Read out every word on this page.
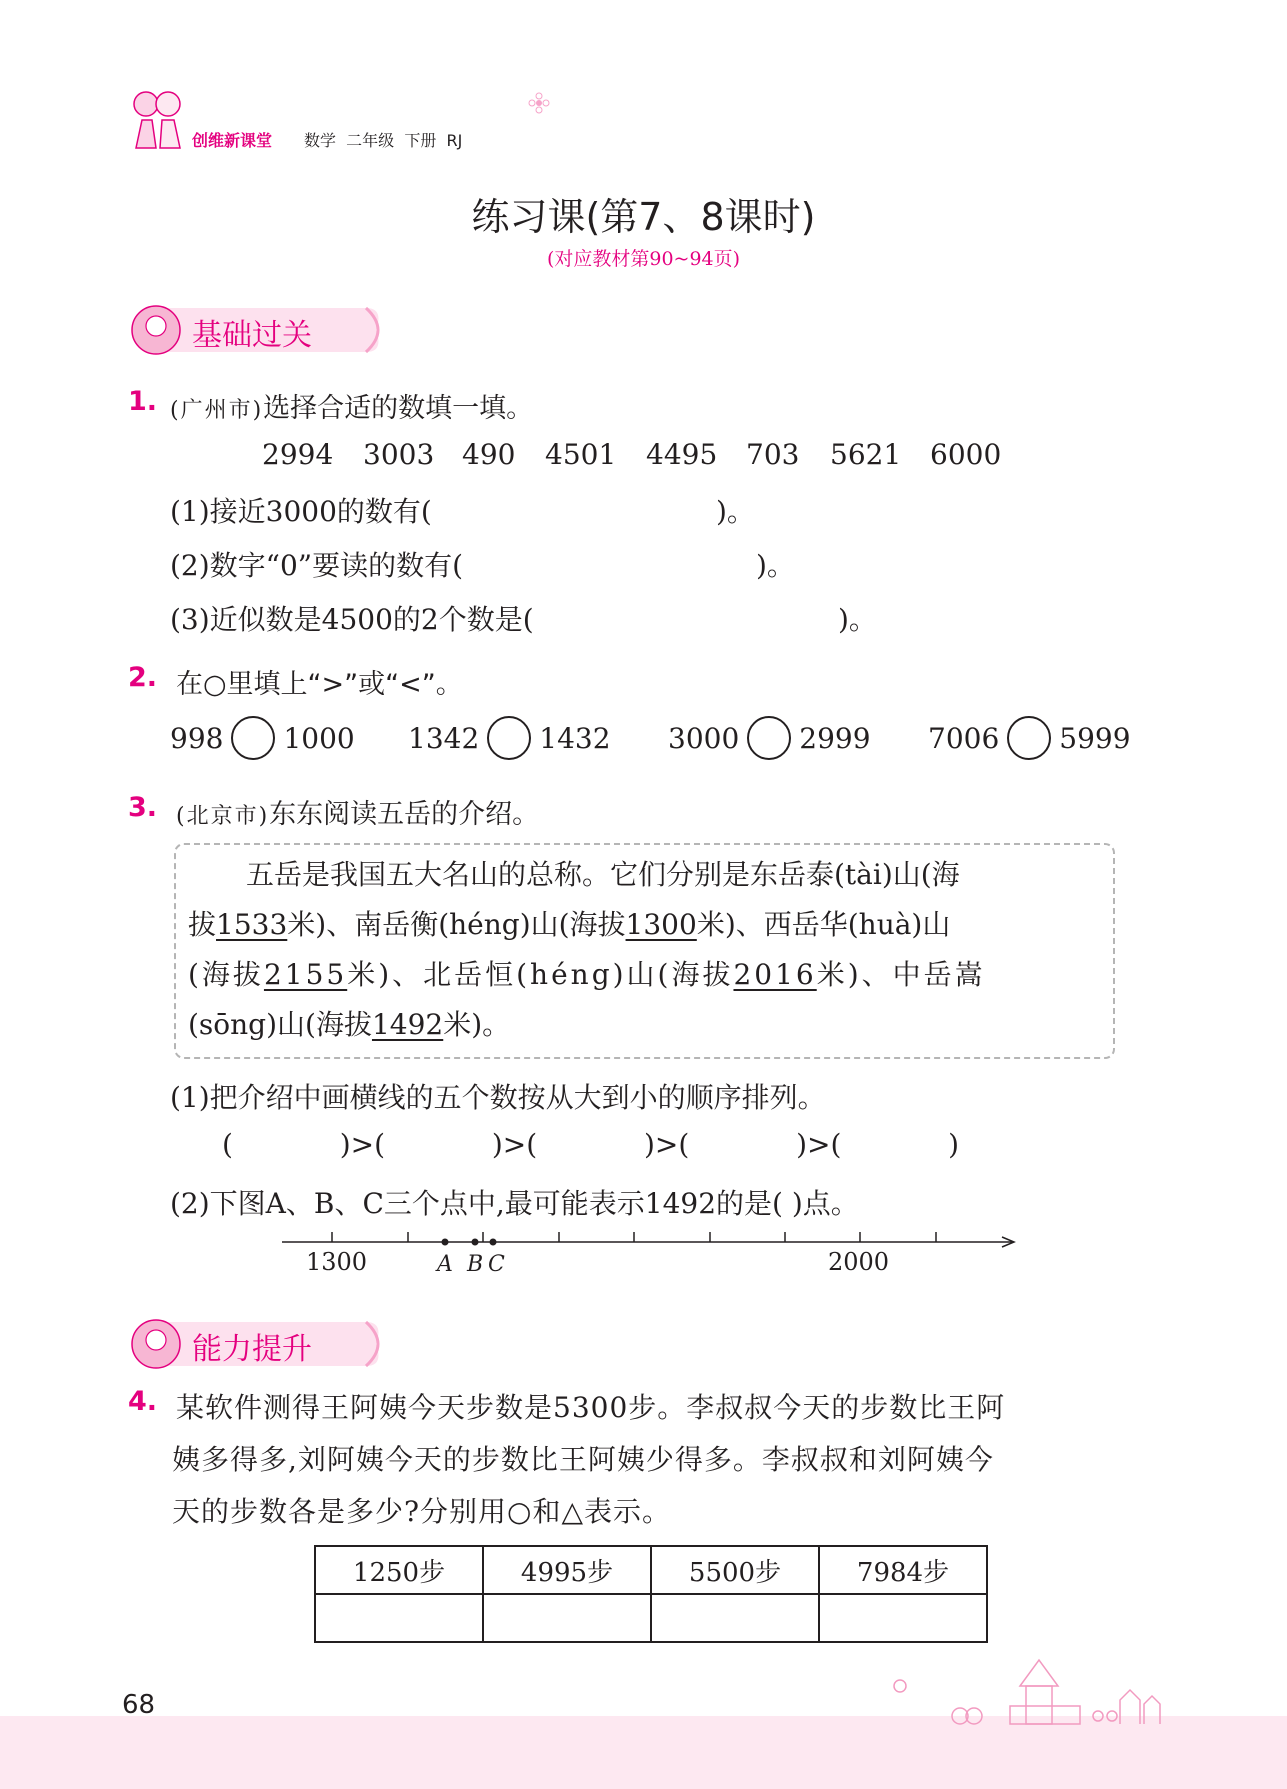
创维新课堂 数学  二年级  下册  RJ
练习课(第7、8课时)
(对应教材第90~94页)
基础过关
1. (广州市)选择合适的数填一填。
2994 3003 490 4501 4495 703 5621 6000
(1)接近3000的数有(	)。
(2)数字“0”要读的数有(	)。
(3)近似数是4500的2个数是(	)。
2. 在○里填上“>”或“<”。
998 1000 1342 1432 3000 2999 7006 5999
3. (北京市)东东阅读五岳的介绍。
五岳是我国五大名山的总称。它们分别是东岳泰(tài)山(海
拔1533米)、南岳衡(héng)山(海拔1300米)、西岳华(huà)山
(海拔2155米)、北岳恒(héng)山(海拔2016米)、中岳嵩
(sōng)山(海拔1492米)。
(1)把介绍中画横线的五个数按从大到小的顺序排列。
(            )>(            )>(            )>(            )>(            )
(2)下图A、B、C三个点中,最可能表示1492的是( )点。
1300	2000
A B C
能力提升
4. 某软件测得王阿姨今天步数是5300步。李叔叔今天的步数比王阿
姨多得多,刘阿姨今天的步数比王阿姨少得多。李叔叔和刘阿姨今
天的步数各是多少?分别用○和△表示。
1250步	4995步	5500步	7984步

68
